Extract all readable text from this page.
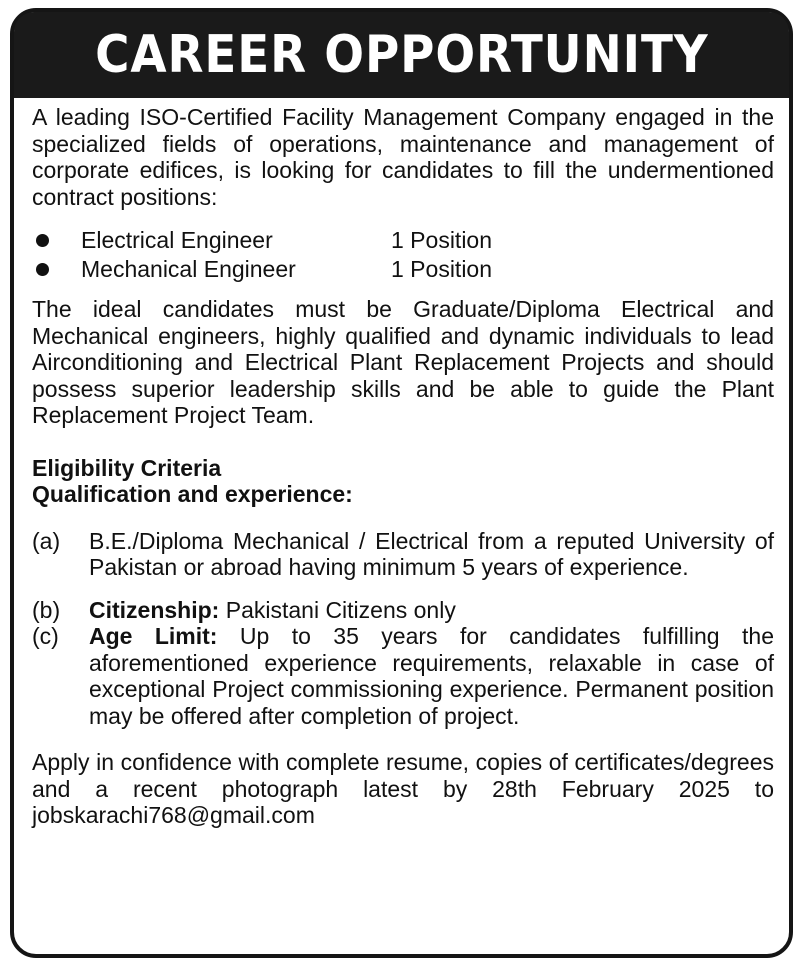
CAREER OPPORTUNITY

A leading ISO-Certified Facility Management Company engaged in the specialized fields of operations, maintenance and management of corporate edifices, is looking for candidates to fill the undermentioned contract positions:

Electrical Engineer	1 Position
Mechanical Engineer	1 Position

The ideal candidates must be Graduate/Diploma Electrical and Mechanical engineers, highly qualified and dynamic individuals to lead Airconditioning and Electrical Plant Replacement Projects and should possess superior leadership skills and be able to guide the Plant Replacement Project Team.

Eligibility Criteria
Qualification and experience:
(a)	B.E./Diploma Mechanical / Electrical from a reputed University of Pakistan or abroad having minimum 5 years of experience.
(b)	Citizenship: Pakistani Citizens only
(c)	Age Limit: Up to 35 years for candidates fulfilling the aforementioned experience requirements, relaxable in case of exceptional Project commissioning experience. Permanent position may be offered after completion of project.

Apply in confidence with complete resume, copies of certificates/degrees and a recent photograph latest by 28th February 2025 to jobskarachi768@gmail.com
